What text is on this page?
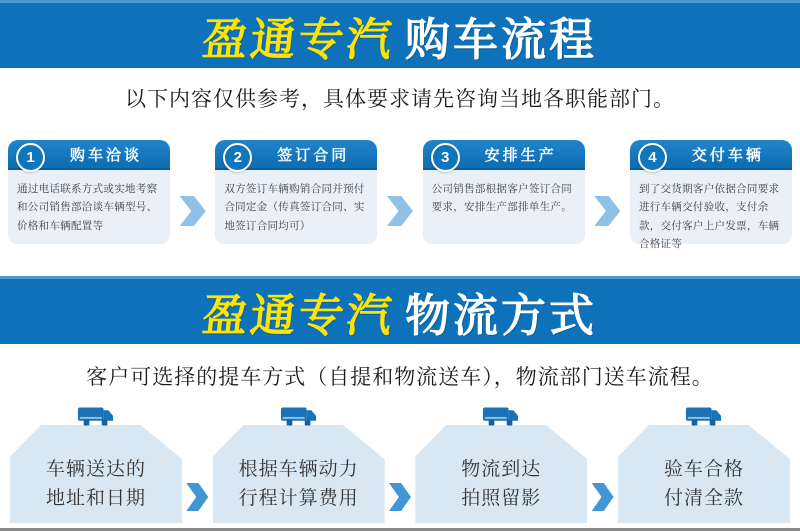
盈通专汽 购车流程

以下内容仅供参考，具体要求请先咨询当地各职能部门。

1	购车洽谈
通过电话联系方式或实地考察和公司销售部洽谈车辆型号、价格和车辆配置等
2	签订合同
双方签订车辆购销合同并预付合同定金（传真签订合同、实地签订合同均可）
3	安排生产
公司销售部根据客户签订合同要求，安排生产部排单生产。
4	交付车辆
到了交货期客户依据合同要求进行车辆交付验收，支付余款，交付客户上户发票，车辆合格证等
盈通专汽 物流方式

客户可选择的提车方式（自提和物流送车），物流部门送车流程。

车辆送达的
地址和日期
根据车辆动力
行程计算费用
物流到达
拍照留影
验车合格
付清全款
